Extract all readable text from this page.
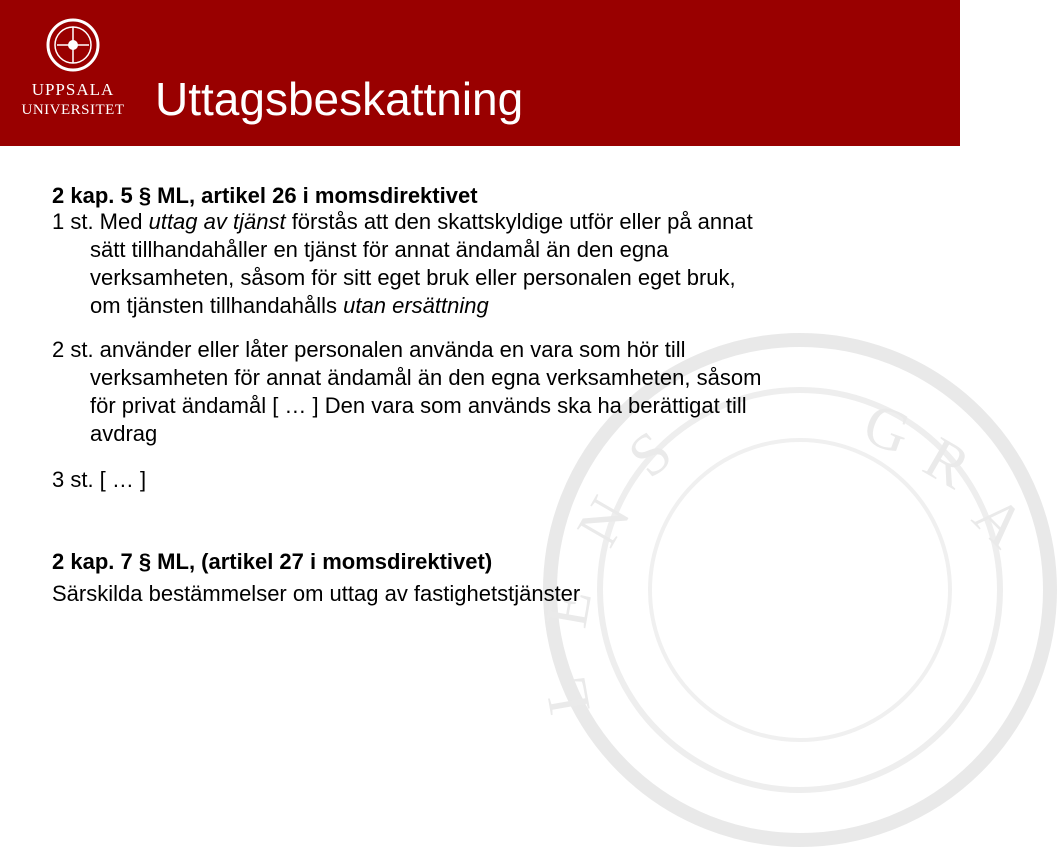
UPPSALA
UNIVERSITET Uttagsbeskattning
G
R
A
S
N
E
L
2 kap. 5 § ML, artikel 26 i momsdirektivet
1 st. Med uttag av tjänst förstås att den skattskyldige utför eller på annat
sätt tillhandahåller en tjänst för annat ändamål än den egna
verksamheten, såsom för sitt eget bruk eller personalen eget bruk,
om tjänsten tillhandahålls utan ersättning
2 st. använder eller låter personalen använda en vara som hör till
verksamheten för annat ändamål än den egna verksamheten, såsom
för privat ändamål [ … ] Den vara som används ska ha berättigat till
avdrag
3 st. [ … ]
2 kap. 7 § ML, (artikel 27 i momsdirektivet)
Särskilda bestämmelser om uttag av fastighetstjänster
